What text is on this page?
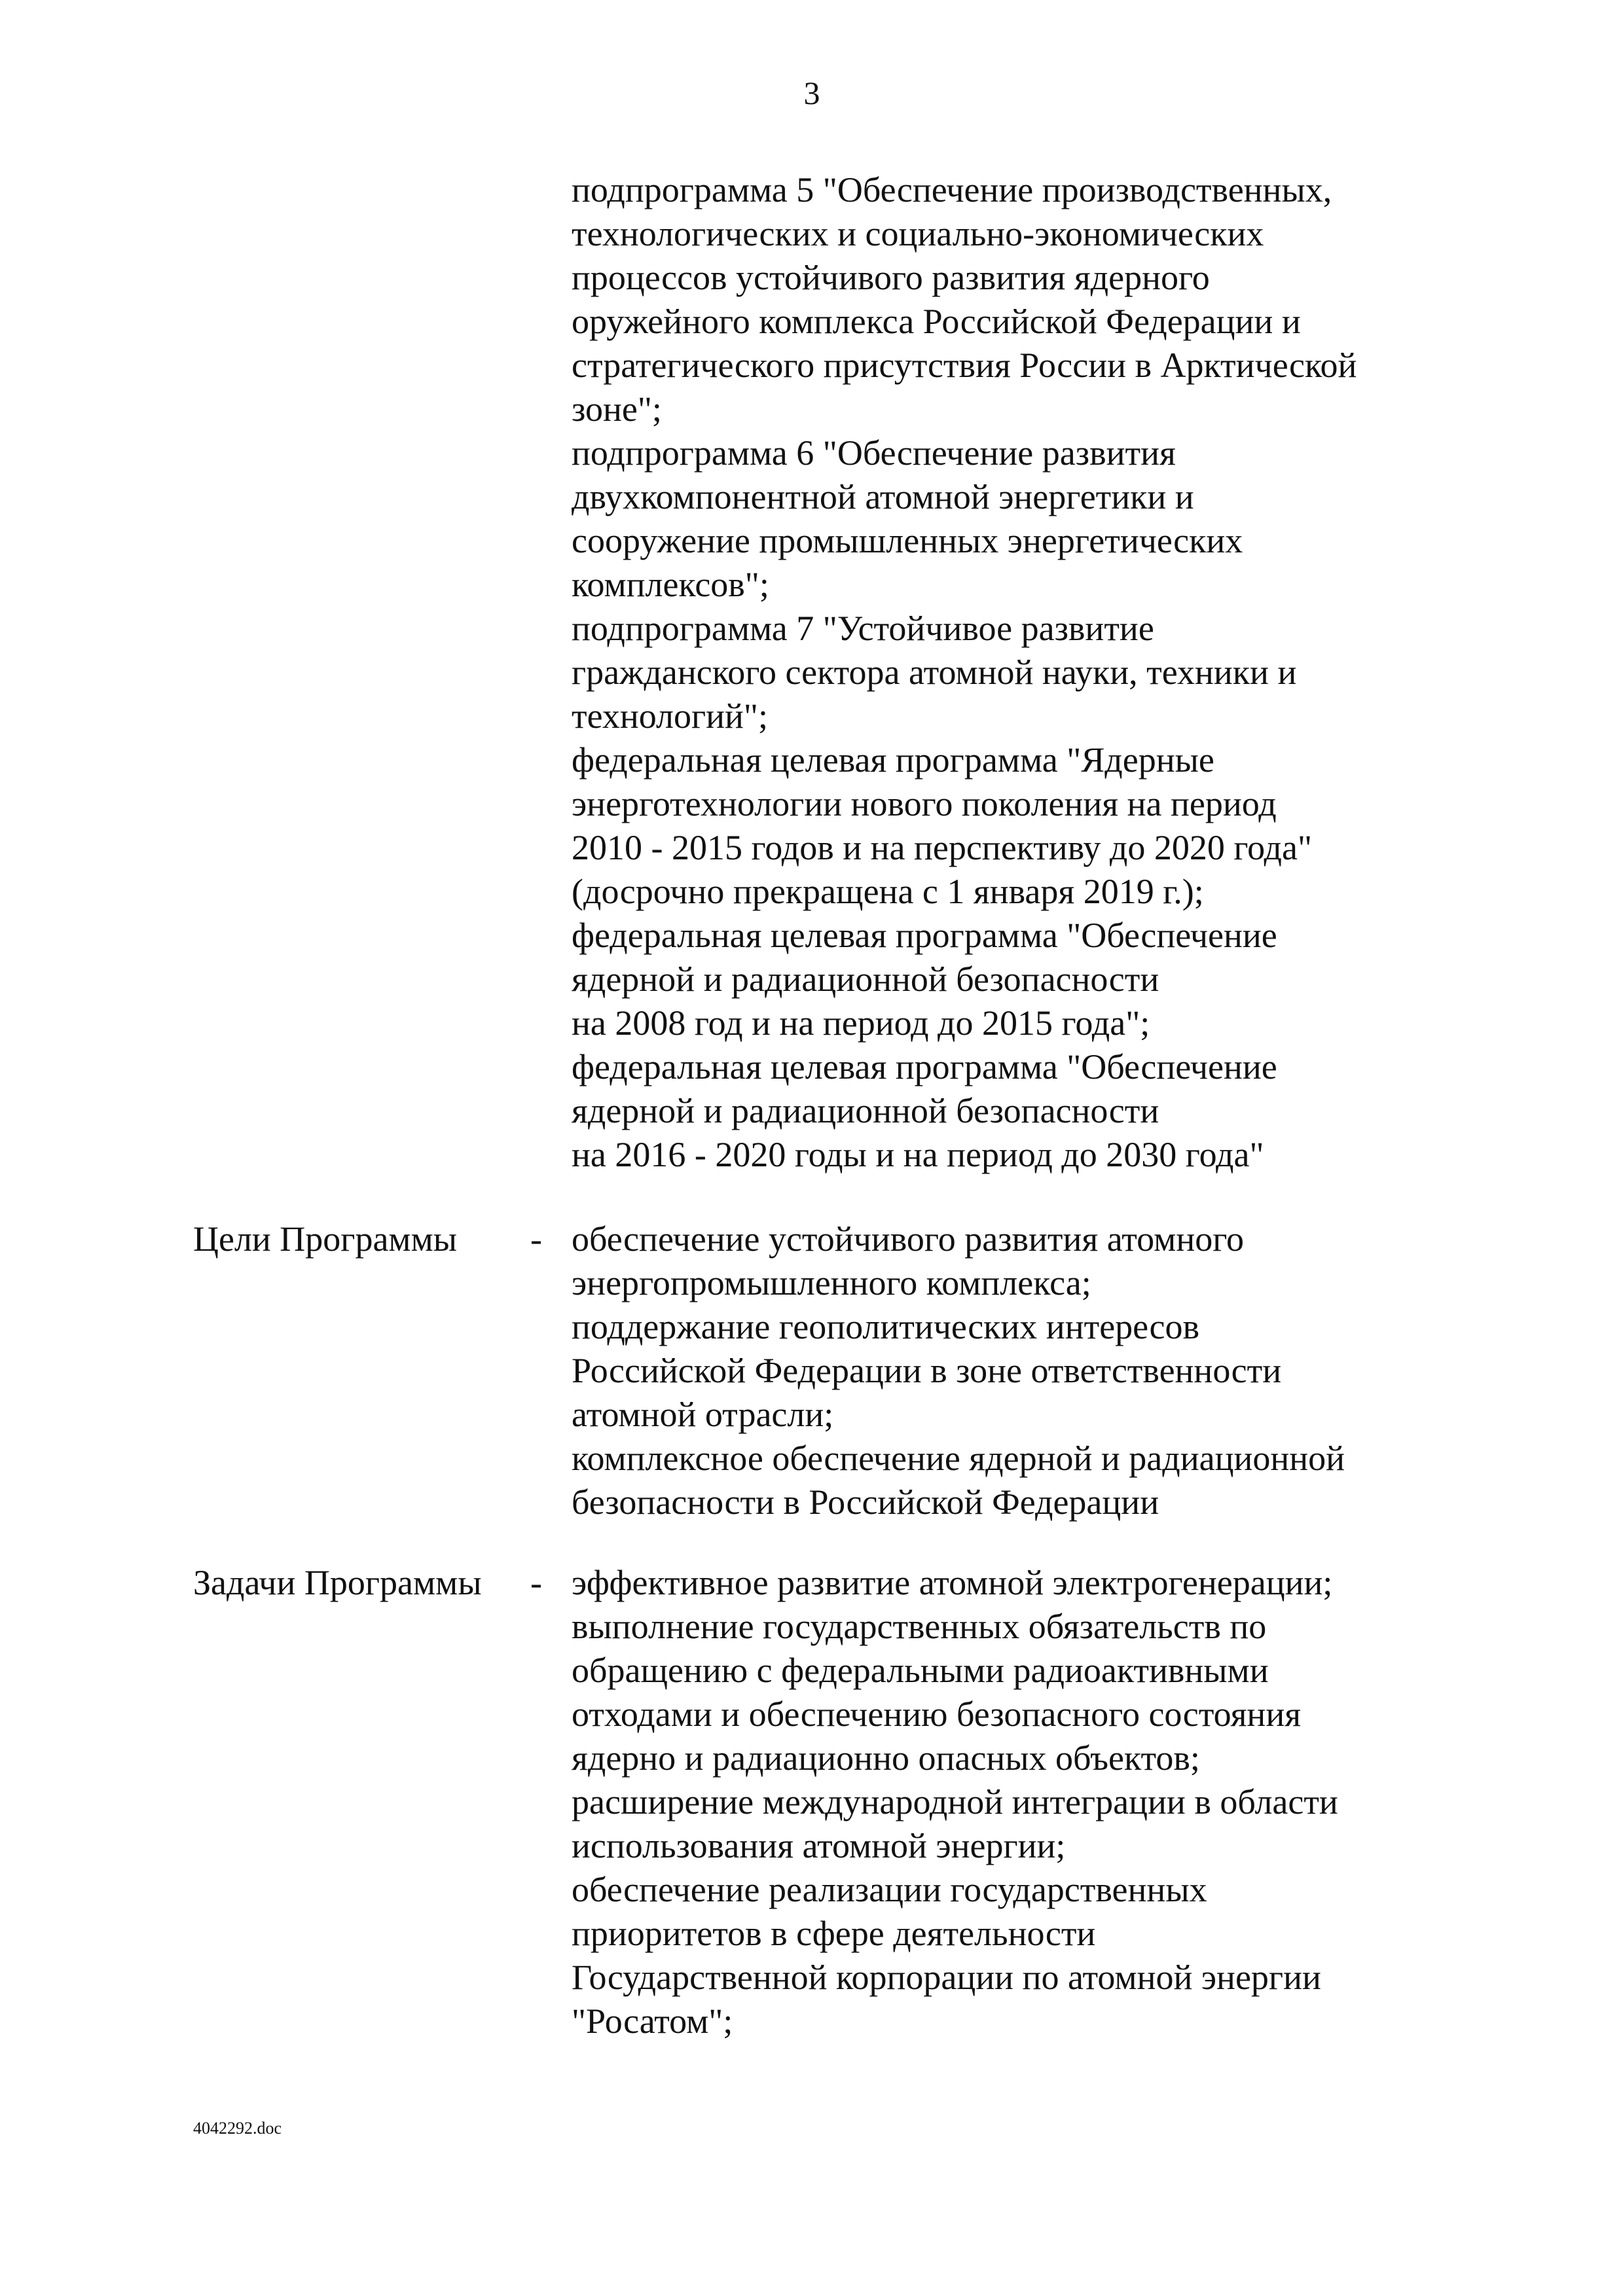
3
подпрограмма 5 "Обеспечение производственных,
технологических и социально-экономических
процессов устойчивого развития ядерного
оружейного комплекса Российской Федерации и
стратегического присутствия России в Арктической
зоне";
подпрограмма 6 "Обеспечение развития
двухкомпонентной атомной энергетики и
сооружение промышленных энергетических
комплексов";
подпрограмма 7 "Устойчивое развитие
гражданского сектора атомной науки, техники и
технологий";
федеральная целевая программа "Ядерные
энерготехнологии нового поколения на период
2010 - 2015 годов и на перспективу до 2020 года"
(досрочно прекращена с 1 января 2019 г.);
федеральная целевая программа "Обеспечение
ядерной и радиационной безопасности
на 2008 год и на период до 2015 года";
федеральная целевая программа "Обеспечение
ядерной и радиационной безопасности
на 2016 - 2020 годы и на период до 2030 года"
Цели Программы - обеспечение устойчивого развития атомного
энергопромышленного комплекса;
поддержание геополитических интересов
Российской Федерации в зоне ответственности
атомной отрасли;
комплексное обеспечение ядерной и радиационной
безопасности в Российской Федерации
Задачи Программы - эффективное развитие атомной электрогенерации;
выполнение государственных обязательств по
обращению с федеральными радиоактивными
отходами и обеспечению безопасного состояния
ядерно и радиационно опасных объектов;
расширение международной интеграции в области
использования атомной энергии;
обеспечение реализации государственных
приоритетов в сфере деятельности
Государственной корпорации по атомной энергии
"Росатом";
4042292.doc
